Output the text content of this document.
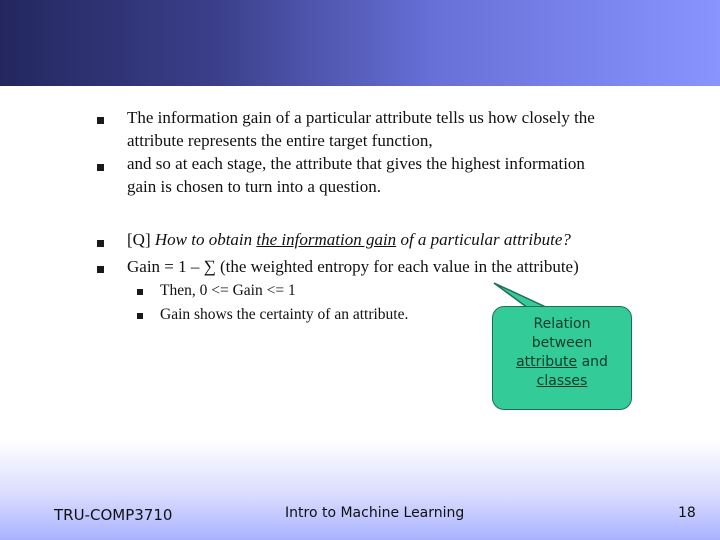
The information gain of a particular attribute tells us how closely the
attribute represents the entire target function,
and so at each stage, the attribute that gives the highest information
gain is chosen to turn into a question.
[Q] How to obtain the information gain of a particular attribute?
Gain = 1 – ∑ (the weighted entropy for each value in the attribute)
Then, 0 <= Gain <= 1
Gain shows the certainty of an attribute.
Relation
between
attribute and
classes
TRU-COMP3710	Intro to Machine Learning	18
